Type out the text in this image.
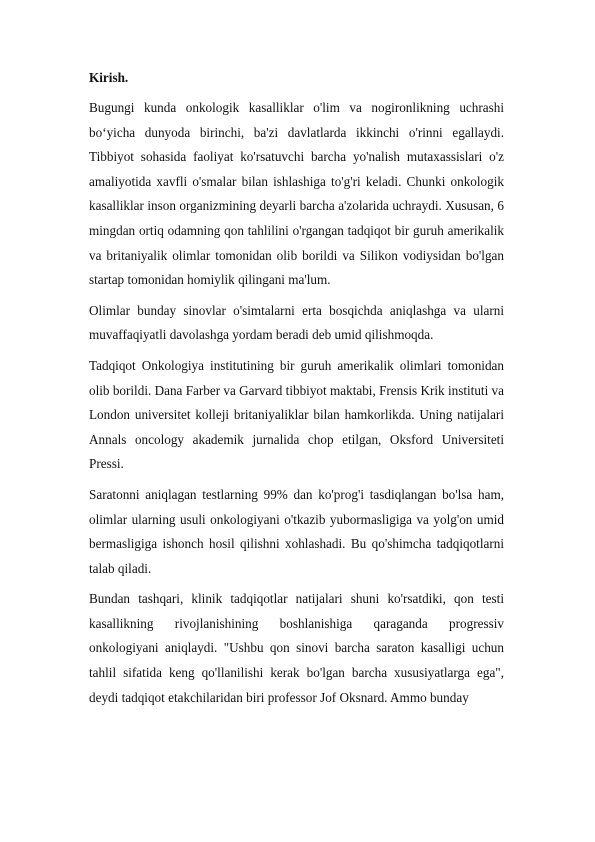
Kirish.

Bugungi kunda onkologik kasalliklar o'lim va nogironlikning uchrashi bo‘yicha dunyoda birinchi, ba'zi davlatlarda ikkinchi o'rinni egallaydi. Tibbiyot sohasida faoliyat ko'rsatuvchi barcha yo'nalish mutaxassislari o'z amaliyotida xavfli o'smalar bilan ishlashiga to'g'ri keladi. Chunki onkologik kasalliklar inson organizmining deyarli barcha a'zolarida uchraydi. Xususan, 6 mingdan ortiq odamning qon tahlilini o'rgangan tadqiqot bir guruh amerikalik va britaniyalik olimlar tomonidan olib borildi va Silikon vodiysidan bo'lgan startap tomonidan homiylik qilingani ma'lum.

Olimlar bunday sinovlar o'simtalarni erta bosqichda aniqlashga va ularni muvaffaqiyatli davolashga yordam beradi deb umid qilishmoqda.

Tadqiqot Onkologiya institutining bir guruh amerikalik olimlari tomonidan olib borildi. Dana Farber va Garvard tibbiyot maktabi, Frensis Krik instituti va London universitet kolleji britaniyaliklar bilan hamkorlikda. Uning natijalari Annals oncology akademik jurnalida chop etilgan, Oksford Universiteti Pressi.

Saratonni aniqlagan testlarning 99% dan ko'prog'i tasdiqlangan bo'lsa ham, olimlar ularning usuli onkologiyani o'tkazib yubormasligiga va yolg'on umid bermasligiga ishonch hosil qilishni xohlashadi. Bu qo'shimcha tadqiqotlarni talab qiladi.

Bundan tashqari, klinik tadqiqotlar natijalari shuni ko'rsatdiki, qon testi kasallikning rivojlanishining boshlanishiga qaraganda progressiv onkologiyani aniqlaydi. "Ushbu qon sinovi barcha saraton kasalligi uchun tahlil sifatida keng qo'llanilishi kerak bo'lgan barcha xususiyatlarga ega", deydi tadqiqot etakchilaridan biri professor Jof Oksnard. Ammo bunday
